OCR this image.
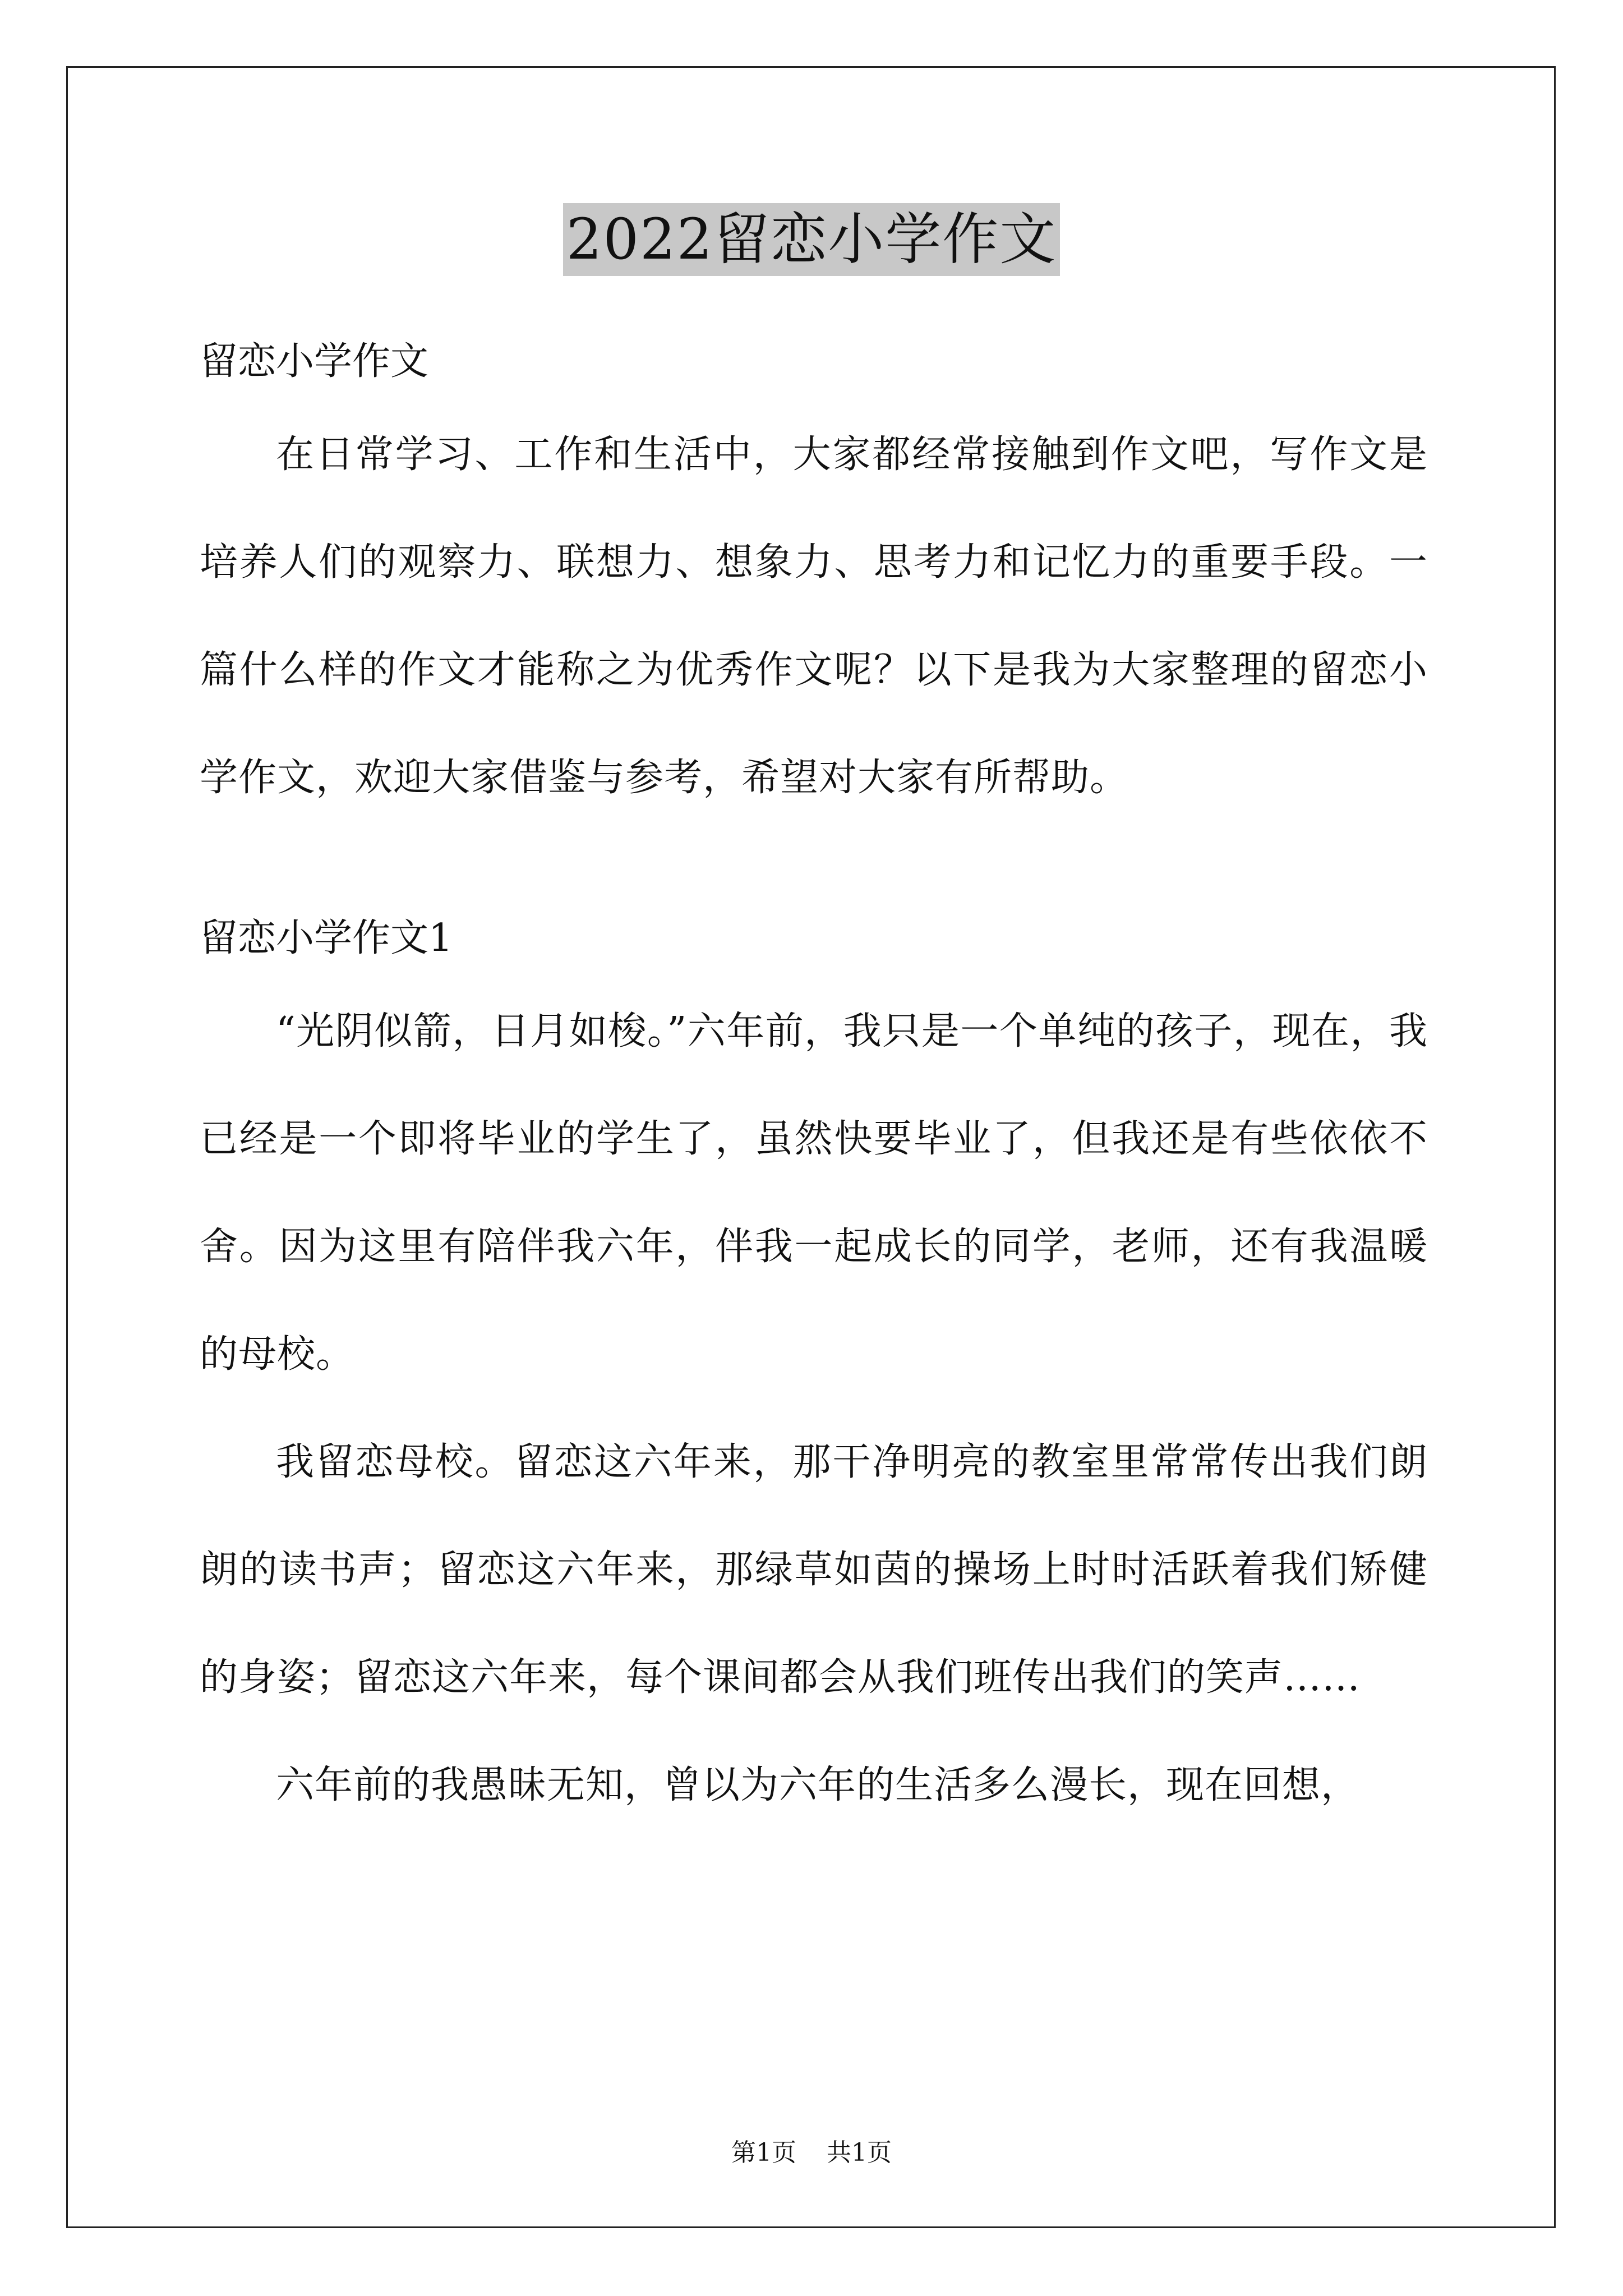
2022留恋小学作文

留恋小学作文

在日常学习、工作和生活中，大家都经常接触到作文吧，写作文是培养人们的观察力、联想力、想象力、思考力和记忆力的重要手段。一篇什么样的作文才能称之为优秀作文呢？以下是我为大家整理的留恋小学作文，欢迎大家借鉴与参考，希望对大家有所帮助。

留恋小学作文1

“光阴似箭，日月如梭。”六年前，我只是一个单纯的孩子，现在，我已经是一个即将毕业的学生了，虽然快要毕业了，但我还是有些依依不舍。因为这里有陪伴我六年，伴我一起成长的同学，老师，还有我温暖的母校。

我留恋母校。留恋这六年来，那干净明亮的教室里常常传出我们朗朗的读书声；留恋这六年来，那绿草如茵的操场上时时活跃着我们矫健的身姿；留恋这六年来，每个课间都会从我们班传出我们的笑声……

六年前的我愚昧无知，曾以为六年的生活多么漫长，现在回想，

第1页 共1页
